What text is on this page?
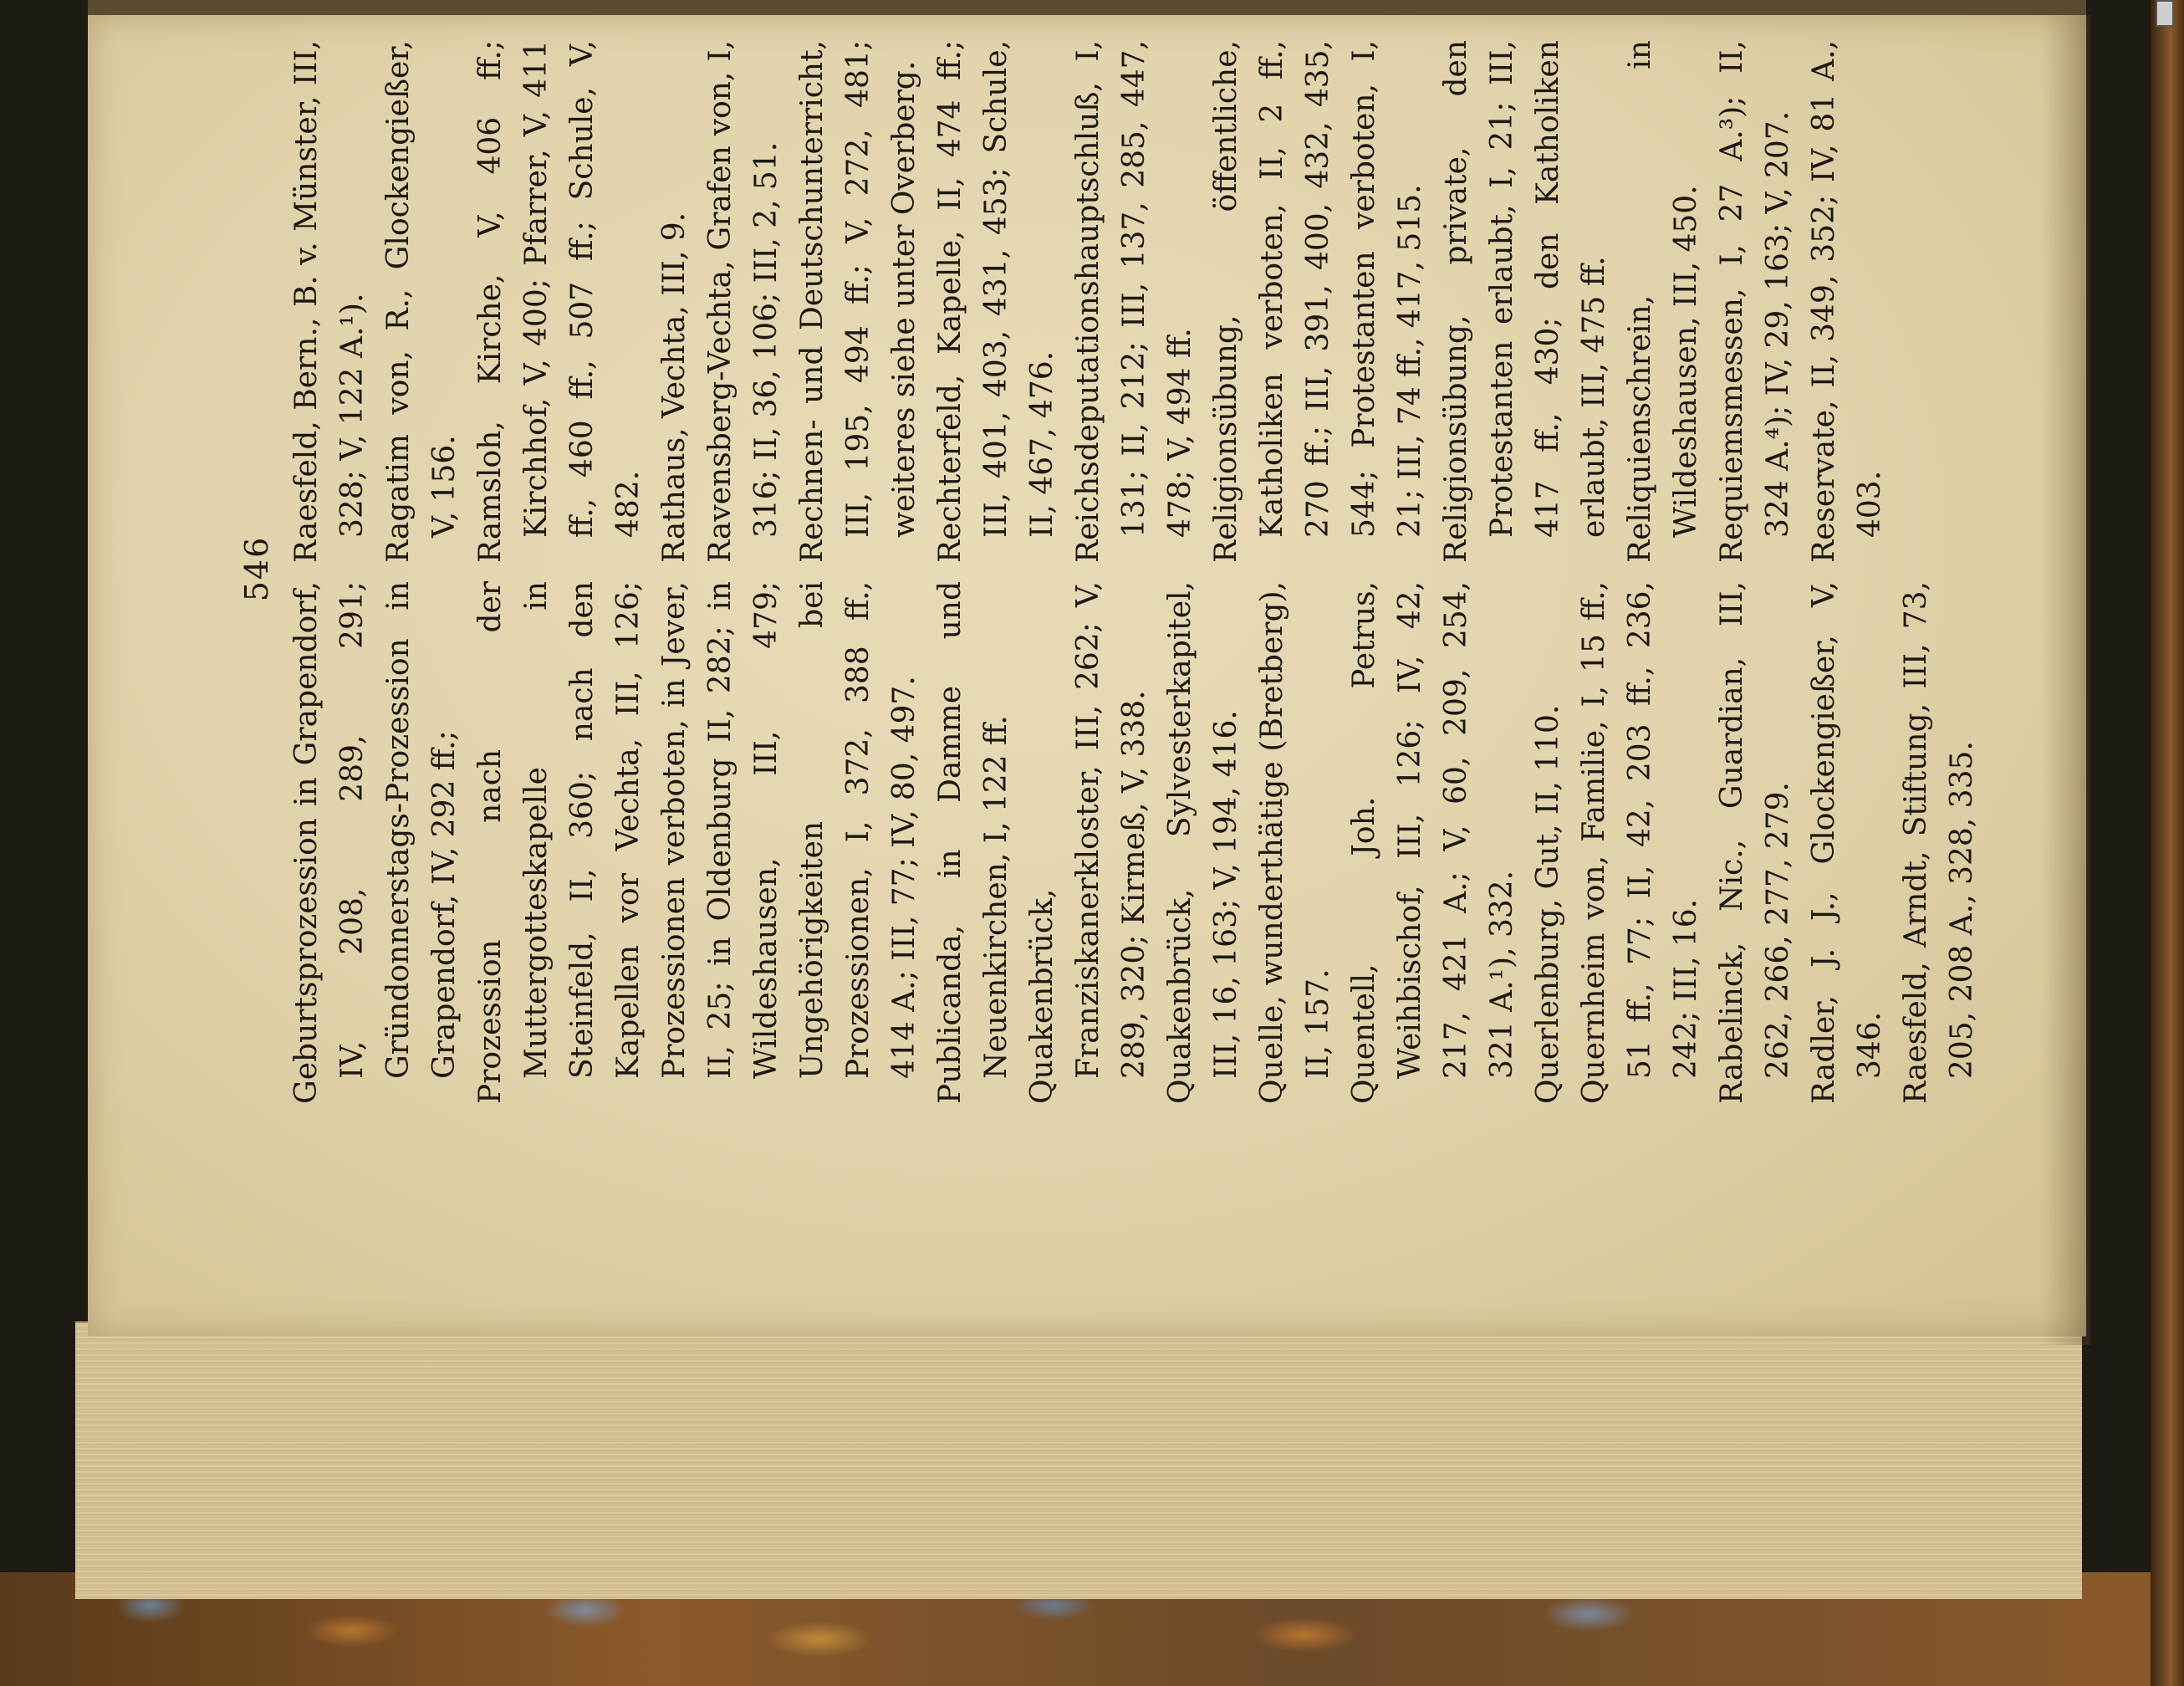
546

Geburtsprozession in Grapendorf, IV, 208, 289, 291; Gründonnerstags-Prozession in Grapendorf, IV, 292 ff.; Prozession nach der Muttergotteskapelle in Steinfeld, II, 360; nach den Kapellen vor Vechta, III, 126; Prozessionen verboten, in Jever, II, 25; in Oldenburg II, 282; in Wildeshausen, III, 479; Ungehörigkeiten bei Prozessionen, I, 372, 388 ff., 414 A.; III, 77; IV, 80, 497. Publicanda, in Damme und Neuenkirchen, I, 122 ff. Quakenbrück, Franziskanerkloster, III, 262; V, 289, 320; Kirmeß, V, 338. Quakenbrück, Sylvesterkapitel, III, 16, 163; V, 194, 416. Quelle, wunderthätige (Bretberg), II, 157. Quentell, Joh. Petrus, Weihbischof, III, 126; IV, 42, 217, 421 A.; V, 60, 209, 254, 321 A.¹), 332. Querlenburg, Gut, II, 110. Quernheim von, Familie, I, 15 ff., 51 ff., 77; II, 42, 203 ff., 236, 242; III, 16. Rabelinck, Nic., Guardian, III, 262, 266, 277, 279. Radler, J. J., Glockengießer, V, 346. Raesfeld, Arndt, Stiftung, III, 73, 205, 208 A., 328, 335.

Raesfeld, Bern., B. v. Münster, III, 328; V, 122 A.¹). Ragatim von, R., Glockengießer, V, 156. Ramsloh, Kirche, V, 406 ff.; Kirchhof, V, 400; Pfarrer, V, 411 ff., 460 ff., 507 ff.; Schule, V, 482. Rathaus, Vechta, III, 9. Ravensberg-Vechta, Grafen von, I, 316; II, 36, 106; III, 2, 51. Rechnen- und Deutschunterricht, III, 195, 494 ff.; V, 272, 481; weiteres siehe unter Overberg. Rechterfeld, Kapelle, II, 474 ff.; III, 401, 403, 431, 453; Schule, II, 467, 476. Reichsdeputationshauptschluß, I, 131; II, 212; III, 137, 285, 447, 478; V, 494 ff. Religionsübung, öffentliche, Katholiken verboten, II, 2 ff., 270 ff.; III, 391, 400, 432, 435, 544; Protestanten verboten, I, 21; III, 74 ff., 417, 515. Religionsübung, private, den Protestanten erlaubt, I, 21; III, 417 ff., 430; den Katholiken erlaubt, III, 475 ff. Reliquienschrein, in Wildeshausen, III, 450. Requiemsmessen, I, 27 A.³); II, 324 A.⁴); IV, 29, 163; V, 207. Reservate, II, 349, 352; IV, 81 A., 403.
